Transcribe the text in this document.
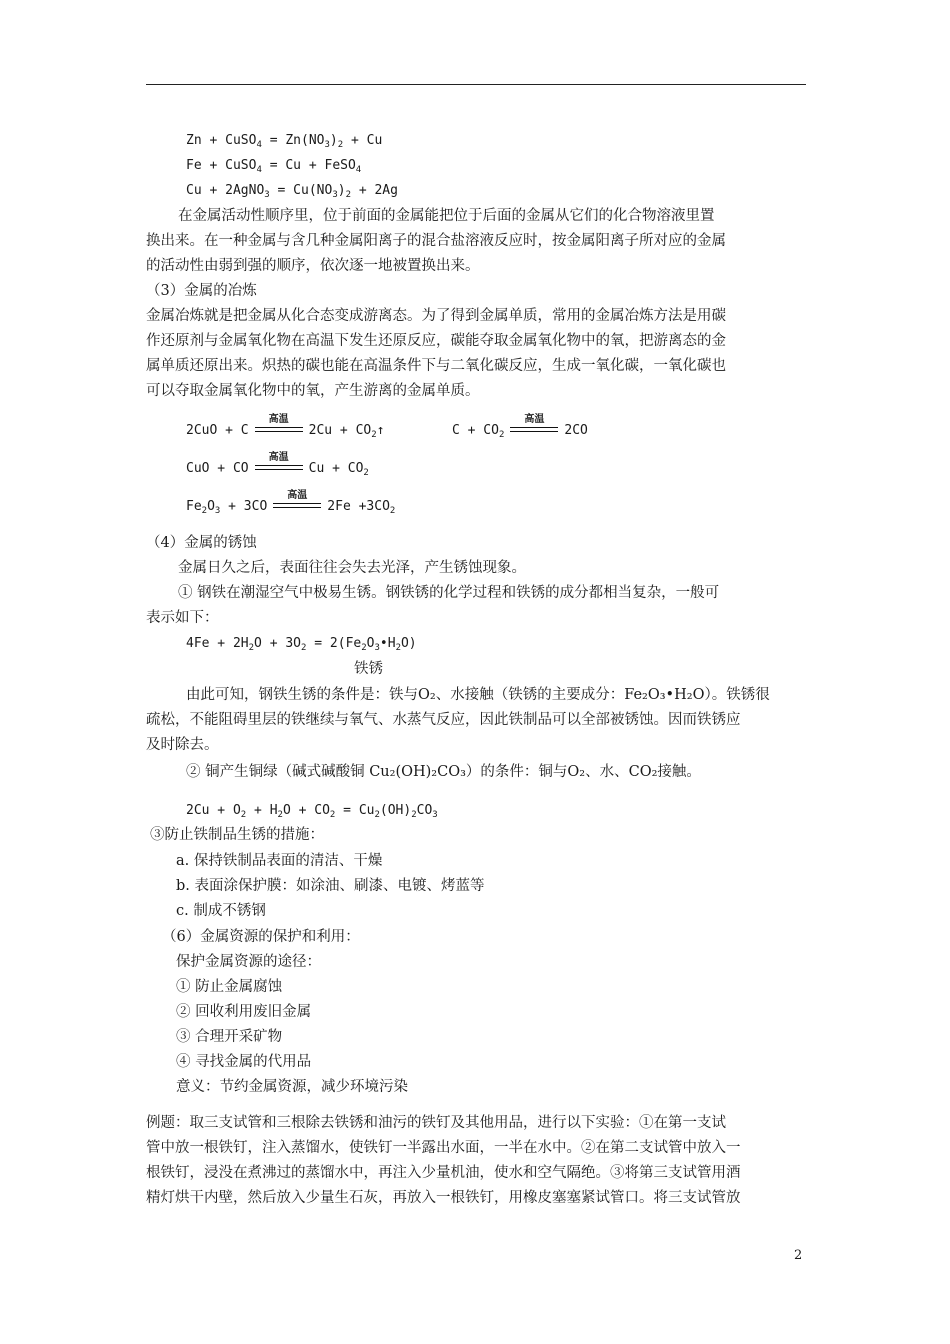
Zn + CuSO$_4$ = $Zn(NO_3)_2 + Cu$
Fe + CuSO$_4$ = Cu + FeSO$_4$
Cu + 2AgNO$_3$ = $Cu(NO_3)_2 + 2Ag$
在金属活动性顺序里，位于前面的金属能把位于后面的金属从它们的化合物溶液里置
换出来。在一种金属与含几种金属阳离子的混合盐溶液反应时，按金属阳离子所对应的金属
的活动性由弱到强的顺序，依次逐一地被置换出来。
（3）金属的冶炼
金属冶炼就是把金属从化合态变成游离态。为了得到金属单质，常用的金属冶炼方法是用碳
作还原剂与金属氧化物在高温下发生还原反应，碳能夺取金属氧化物中的氧，把游离态的金
属单质还原出来。炽热的碳也能在高温条件下与二氧化碳反应，生成一氧化碳，一氧化碳也
可以夺取金属氧化物中的氧，产生游离的金属单质。
2CuO + C
高温
$2Cu + CO_2↑$	$C + CO_2$
高温
2CO
CuO + CO
高温
$Cu + CO_2$
$Fe_2O_3 + 3CO$
高温
$2Fe +3CO_2$
（4）金属的锈蚀
金属日久之后，表面往往会失去光泽，产生锈蚀现象。
① 钢铁在潮湿空气中极易生锈。钢铁锈的化学过程和铁锈的成分都相当复杂，一般可
表示如下：
$4Fe + 2H_2O + 3O_2$ = $2(Fe_2O_3•H_2O)$
铁锈
由此可知，钢铁生锈的条件是：铁与O₂、水接触（铁锈的主要成分：Fe₂O₃•H₂O）。铁锈很
疏松，不能阻碍里层的铁继续与氧气、水蒸气反应，因此铁制品可以全部被锈蚀。因而铁锈应
及时除去。
② 铜产生铜绿（碱式碱酸铜 Cu₂(OH)₂CO₃）的条件：铜与O₂、水、CO₂接触。
$2Cu + O_2 + H_2O + CO_2 = Cu_2(OH)_2CO_3$
③防止铁制品生锈的措施：
a. 保持铁制品表面的清洁、干燥
b. 表面涂保护膜：如涂油、刷漆、电镀、烤蓝等
c. 制成不锈钢
（6）金属资源的保护和利用：
保护金属资源的途径：
① 防止金属腐蚀
② 回收利用废旧金属
③ 合理开采矿物
④ 寻找金属的代用品
意义：节约金属资源，减少环境污染
例题：取三支试管和三根除去铁锈和油污的铁钉及其他用品，进行以下实验：①在第一支试
管中放一根铁钉，注入蒸馏水，使铁钉一半露出水面，一半在水中。②在第二支试管中放入一
根铁钉，浸没在煮沸过的蒸馏水中，再注入少量机油，使水和空气隔绝。③将第三支试管用酒
精灯烘干内壁，然后放入少量生石灰，再放入一根铁钉，用橡皮塞塞紧试管口。将三支试管放
2
